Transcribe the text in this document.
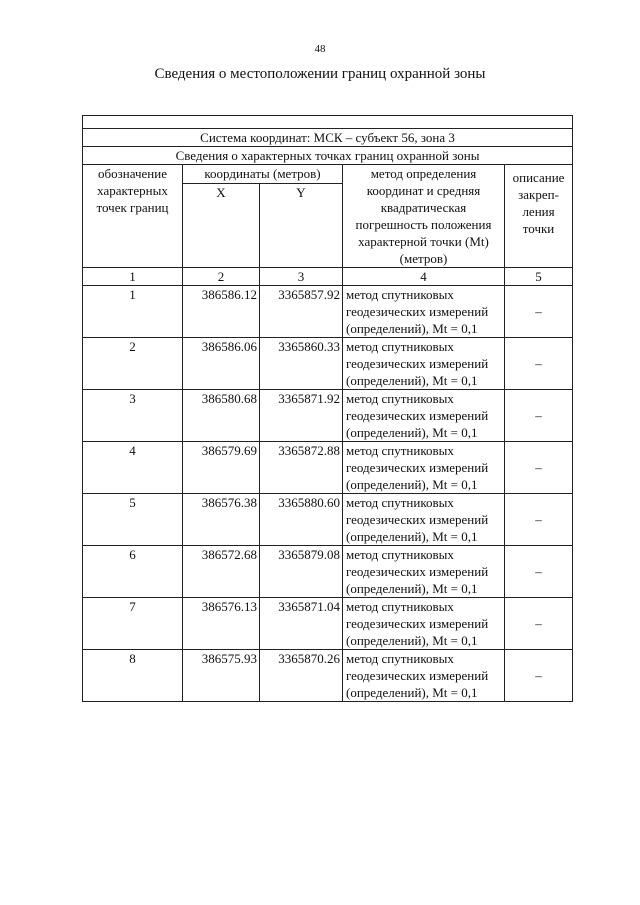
48
Сведения о местоположении границ охранной зоны

Система координат: МСК – субъект 56, зона 3				
Сведения о характерных точках границ охранной зоны				
обозначение характерных точек границ	координаты (метров)		метод определения координат и средняя квадратическая погрешность положения характерной точки (Mt) (метров)	описание закреп-ления точки
	X	Y		
1	2	3	4	5
1	386586.12	3365857.92	метод спутниковых геодезических измерений (определений), Mt = 0,1	–
2	386586.06	3365860.33	метод спутниковых геодезических измерений (определений), Mt = 0,1	–
3	386580.68	3365871.92	метод спутниковых геодезических измерений (определений), Mt = 0,1	–
4	386579.69	3365872.88	метод спутниковых геодезических измерений (определений), Mt = 0,1	–
5	386576.38	3365880.60	метод спутниковых геодезических измерений (определений), Mt = 0,1	–
6	386572.68	3365879.08	метод спутниковых геодезических измерений (определений), Mt = 0,1	–
7	386576.13	3365871.04	метод спутниковых геодезических измерений (определений), Mt = 0,1	–
8	386575.93	3365870.26	метод спутниковых геодезических измерений (определений), Mt = 0,1	–
